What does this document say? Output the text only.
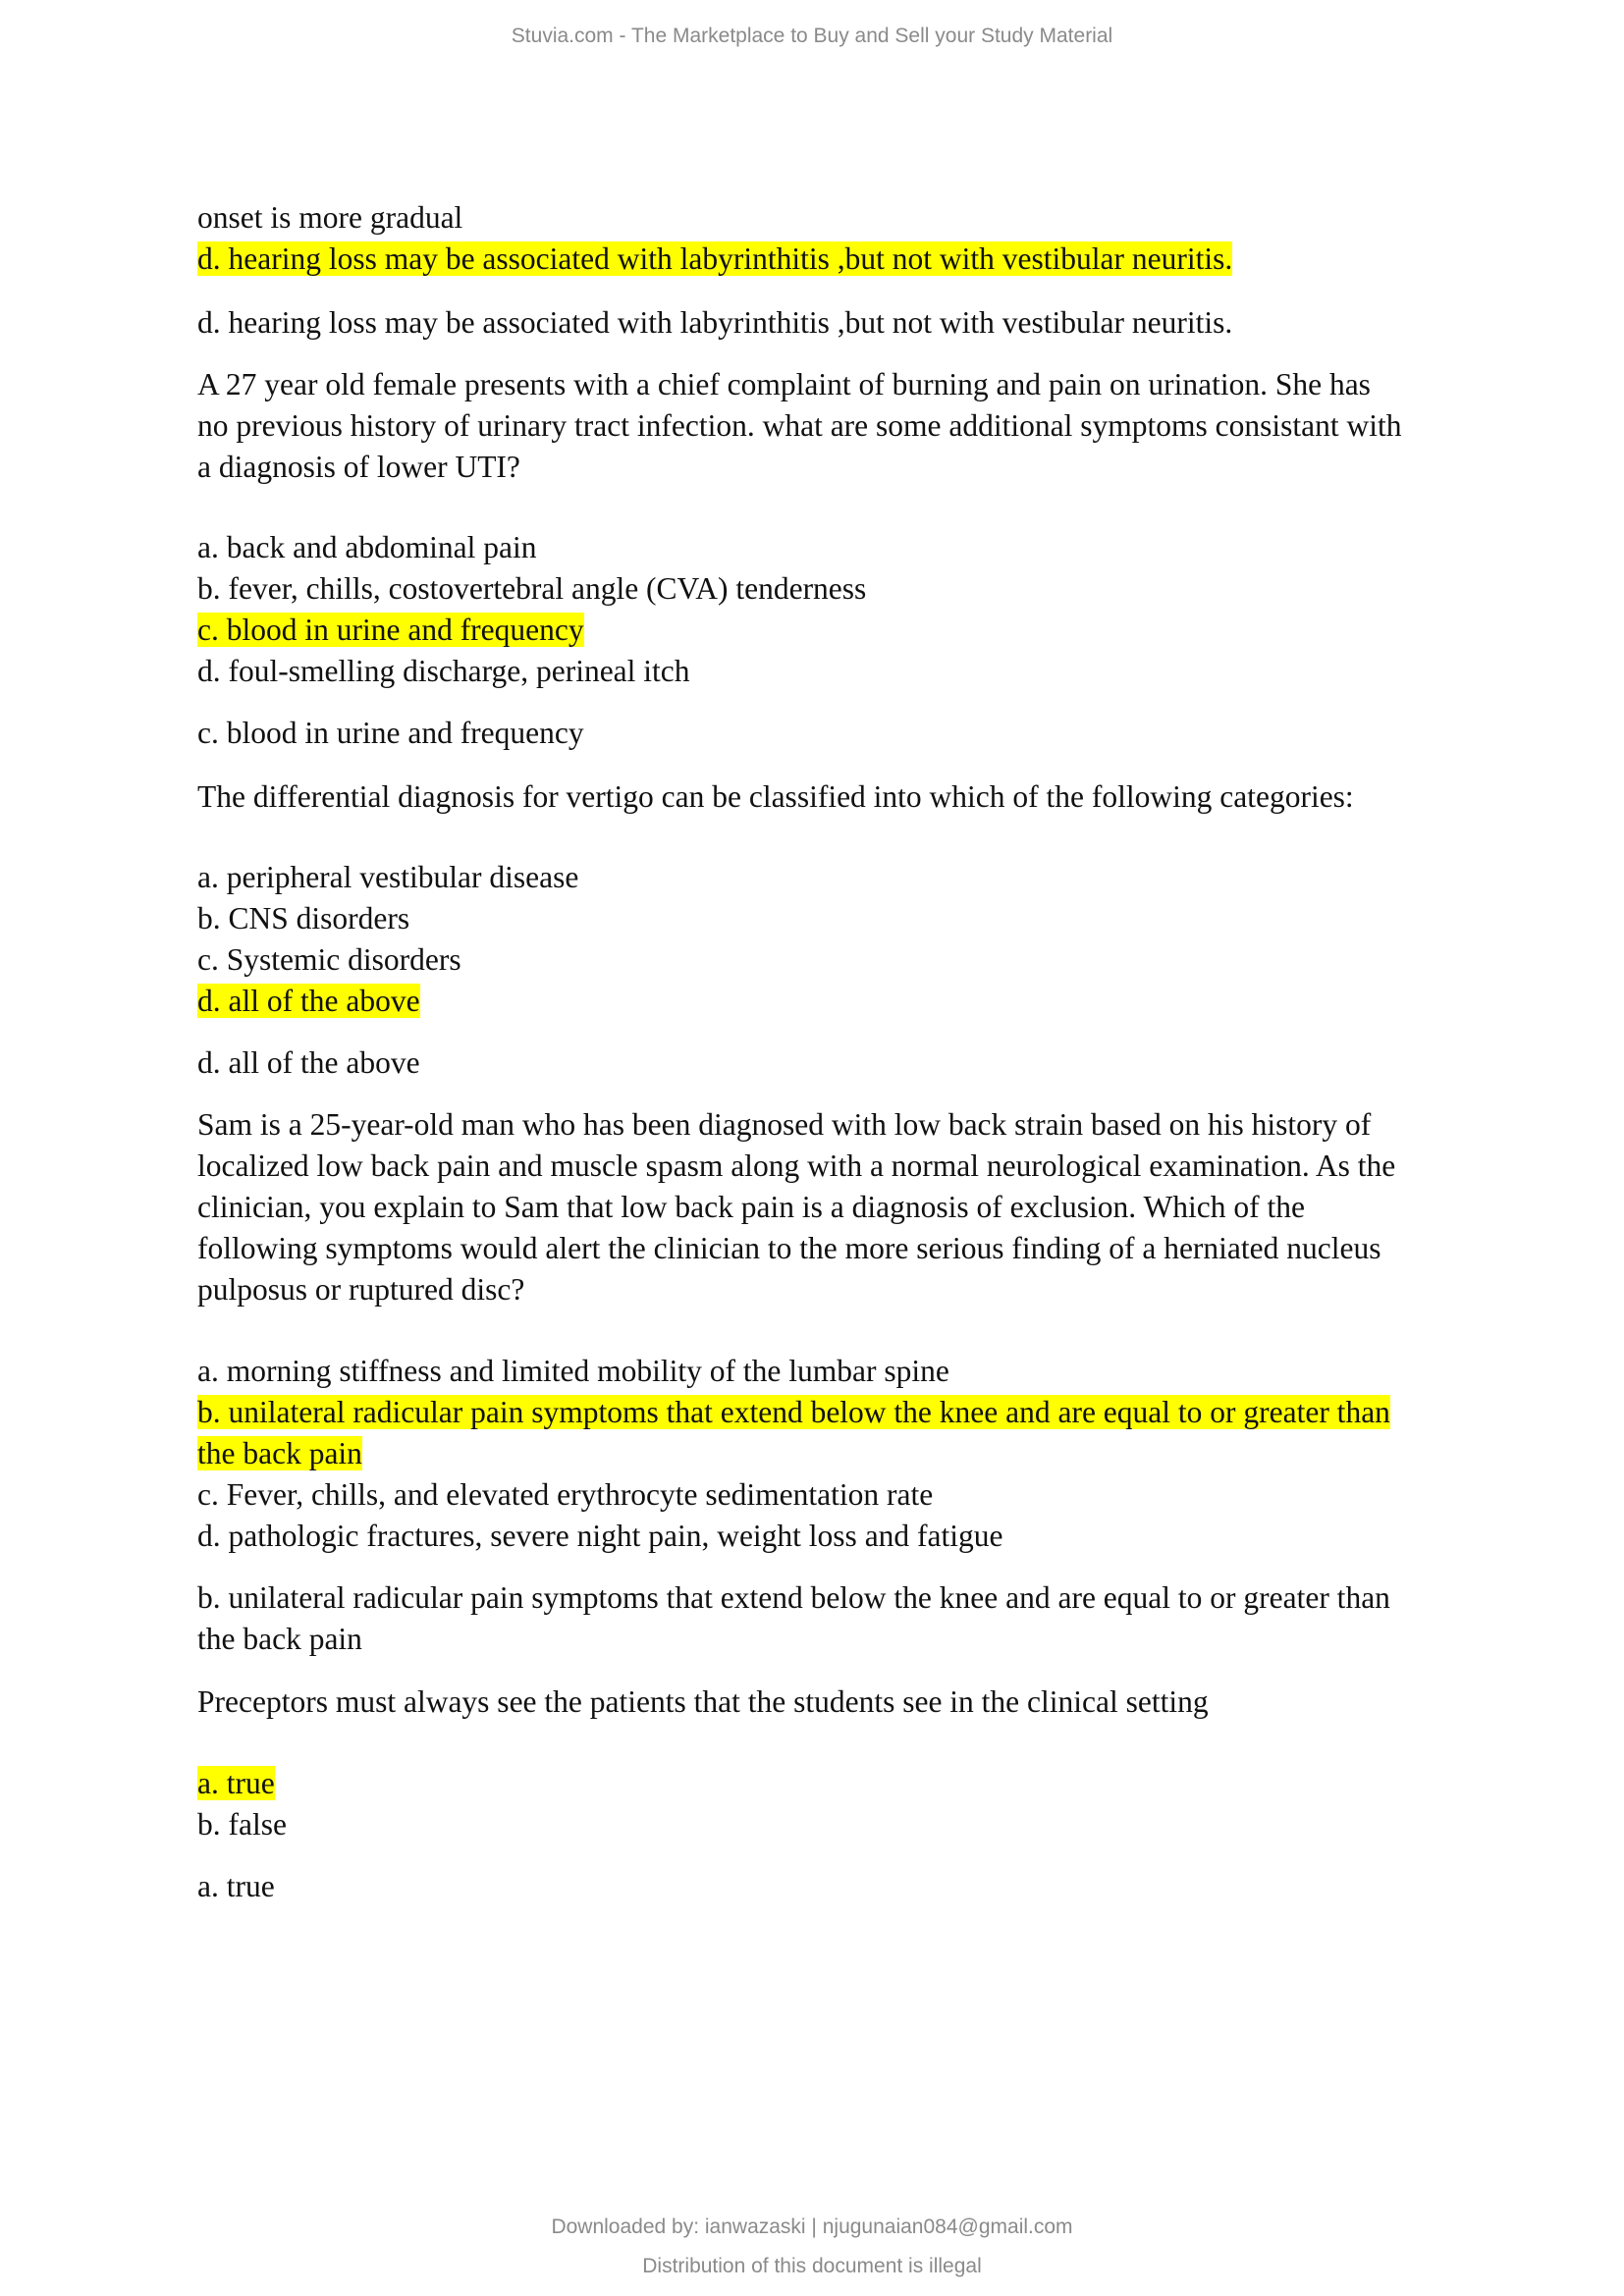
Stuvia.com - The Marketplace to Buy and Sell your Study Material
onset is more gradual
d. hearing loss may be associated with labyrinthitis ,but not with vestibular neuritis.
d. hearing loss may be associated with labyrinthitis ,but not with vestibular neuritis.
A 27 year old female presents with a chief complaint of burning and pain on urination. She has
no previous history of urinary tract infection. what are some additional symptoms consistant with
a diagnosis of lower UTI?
a. back and abdominal pain
b. fever, chills, costovertebral angle (CVA) tenderness
c. blood in urine and frequency
d. foul-smelling discharge, perineal itch
c. blood in urine and frequency
The differential diagnosis for vertigo can be classified into which of the following categories:
a. peripheral vestibular disease
b. CNS disorders
c. Systemic disorders
d. all of the above
d. all of the above
Sam is a 25-year-old man who has been diagnosed with low back strain based on his history of
localized low back pain and muscle spasm along with a normal neurological examination. As the
clinician, you explain to Sam that low back pain is a diagnosis of exclusion. Which of the
following symptoms would alert the clinician to the more serious finding of a herniated nucleus
pulposus or ruptured disc?
a. morning stiffness and limited mobility of the lumbar spine
b. unilateral radicular pain symptoms that extend below the knee and are equal to or greater than
the back pain
c. Fever, chills, and elevated erythrocyte sedimentation rate
d. pathologic fractures, severe night pain, weight loss and fatigue
b. unilateral radicular pain symptoms that extend below the knee and are equal to or greater than
the back pain
Preceptors must always see the patients that the students see in the clinical setting
a. true
b. false
a. true
Downloaded by: ianwazaski | njugunaian084@gmail.com
Distribution of this document is illegal
